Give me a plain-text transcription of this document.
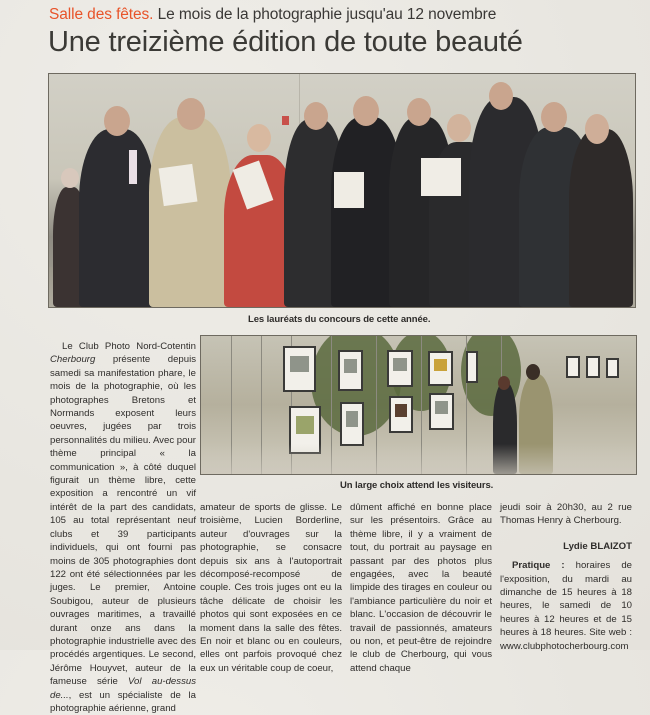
Salle des fêtes. Le mois de la photographie jusqu'au 12 novembre
Une treizième édition de toute beauté
Les lauréats du concours de cette année.
Un large choix attend les visiteurs.

Le Club Photo Nord-Cotentin Cherbourg présente depuis samedi sa manifestation phare, le mois de la photographie, où les photographes Bretons et Normands exposent leurs oeuvres, jugées par trois personnalités du milieu. Avec pour thème principal « la communication », à côté duquel figurait un thème libre, cette exposition a rencontré un vif intérêt de la part des candidats, 105 au total représentant neuf clubs et 39 participants individuels, qui ont fourni pas moins de 305 photographies dont 122 ont été sélectionnées par les juges. Le premier, Antoine Soubigou, auteur de plusieurs ouvrages maritimes, a travaillé durant onze ans dans la photographie industrielle avec des procédés argentiques. Le second, Jérôme Houyvet, auteur de la fameuse série Vol au-dessus de..., est un spécialiste de la photographie aérienne, grand

amateur de sports de glisse. Le troisième, Lucien Borderline, auteur d'ouvrages sur la photographie, se consacre depuis six ans à l'autoportrait décomposé-recomposé de couple. Ces trois juges ont eu la tâche délicate de choisir les photos qui sont exposées en ce moment dans la salle des fêtes. En noir et blanc ou en couleurs, elles ont parfois provoqué chez eux un véritable coup de coeur,

dûment affiché en bonne place sur les présentoirs. Grâce au thème libre, il y a vraiment de tout, du portrait au paysage en passant par des photos plus engagées, avec la beauté limpide des tirages en couleur ou l'ambiance particulière du noir et blanc. L'occasion de découvrir le travail de passionnés, amateurs ou non, et peut-être de rejoindre le club de Cherbourg, qui vous attend chaque

jeudi soir à 20h30, au 2 rue Thomas Henry à Cherbourg.

Lydie BLAIZOT

Pratique : horaires de l'exposition, du mardi au dimanche de 15 heures à 18 heures, le samedi de 10 heures à 12 heures et de 15 heures à 18 heures. Site web : www.clubphotocherbourg.com
